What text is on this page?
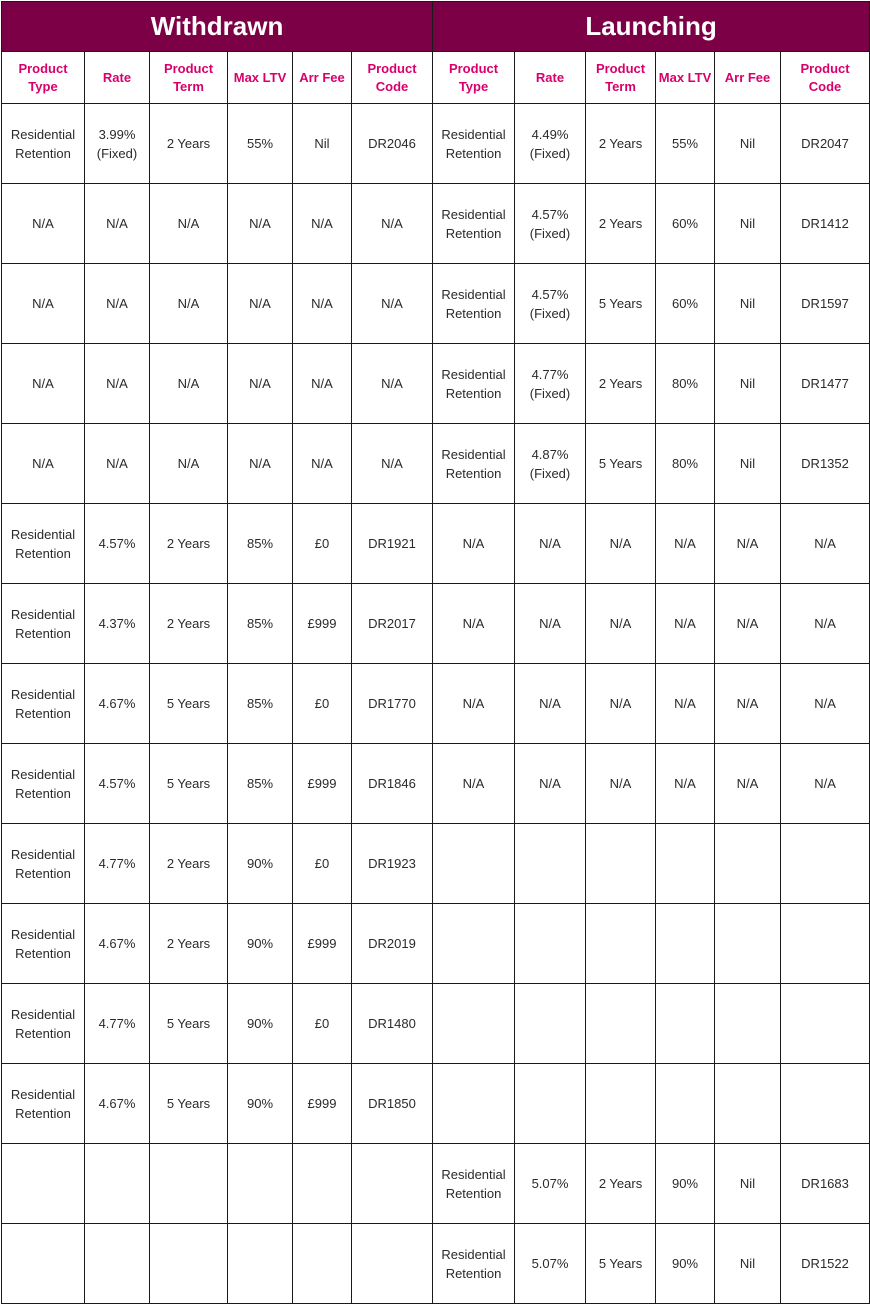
Withdrawn						Launching					
Product Type	Rate	Product Term	Max LTV	Arr Fee	Product Code	Product Type	Rate	Product Term	Max LTV	Arr Fee	Product Code
Residential Retention	3.99% (Fixed)	2 Years	55%	Nil	DR2046	Residential Retention	4.49% (Fixed)	2 Years	55%	Nil	DR2047
N/A	N/A	N/A	N/A	N/A	N/A	Residential Retention	4.57% (Fixed)	2 Years	60%	Nil	DR1412
N/A	N/A	N/A	N/A	N/A	N/A	Residential Retention	4.57% (Fixed)	5 Years	60%	Nil	DR1597
N/A	N/A	N/A	N/A	N/A	N/A	Residential Retention	4.77% (Fixed)	2 Years	80%	Nil	DR1477
N/A	N/A	N/A	N/A	N/A	N/A	Residential Retention	4.87% (Fixed)	5 Years	80%	Nil	DR1352
Residential Retention	4.57%	2 Years	85%	£0	DR1921	N/A	N/A	N/A	N/A	N/A	N/A
Residential Retention	4.37%	2 Years	85%	£999	DR2017	N/A	N/A	N/A	N/A	N/A	N/A
Residential Retention	4.67%	5 Years	85%	£0	DR1770	N/A	N/A	N/A	N/A	N/A	N/A
Residential Retention	4.57%	5 Years	85%	£999	DR1846	N/A	N/A	N/A	N/A	N/A	N/A
Residential Retention	4.77%	2 Years	90%	£0	DR1923						
Residential Retention	4.67%	2 Years	90%	£999	DR2019						
Residential Retention	4.77%	5 Years	90%	£0	DR1480						
Residential Retention	4.67%	5 Years	90%	£999	DR1850						
						Residential Retention	5.07%	2 Years	90%	Nil	DR1683
						Residential Retention	5.07%	5 Years	90%	Nil	DR1522
